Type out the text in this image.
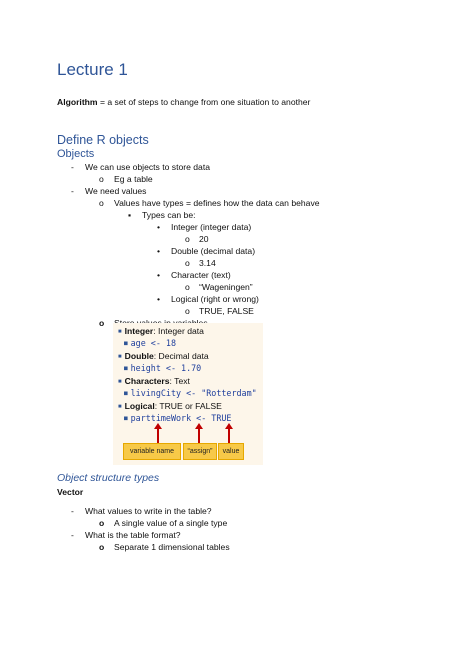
Lecture 1
Algorithm = a set of steps to change from one situation to another
Define R objects
Objects
- We can use objects to store data
o Eg a table
- We need values
o Values have types = defines how the data can behave
▪ Types can be:
• Integer (integer data)
o 20
• Double (decimal data)
o 3.14
• Character (text)
o “Wageningen”
• Logical (right or wrong)
o TRUE, FALSE
o
■ Integer: Integer data
■ age <- 18
■ Double: Decimal data
■ height <- 1.70
■ Characters: Text
■ livingCity <- "Rotterdam"
■ Logical: TRUE or FALSE
■ parttimeWork <- TRUE
variable name	“assign”	value
Object structure types
Vector
- What values to write in the table?
o A single value of a single type
- What is the table format?
o Separate 1 dimensional tables
